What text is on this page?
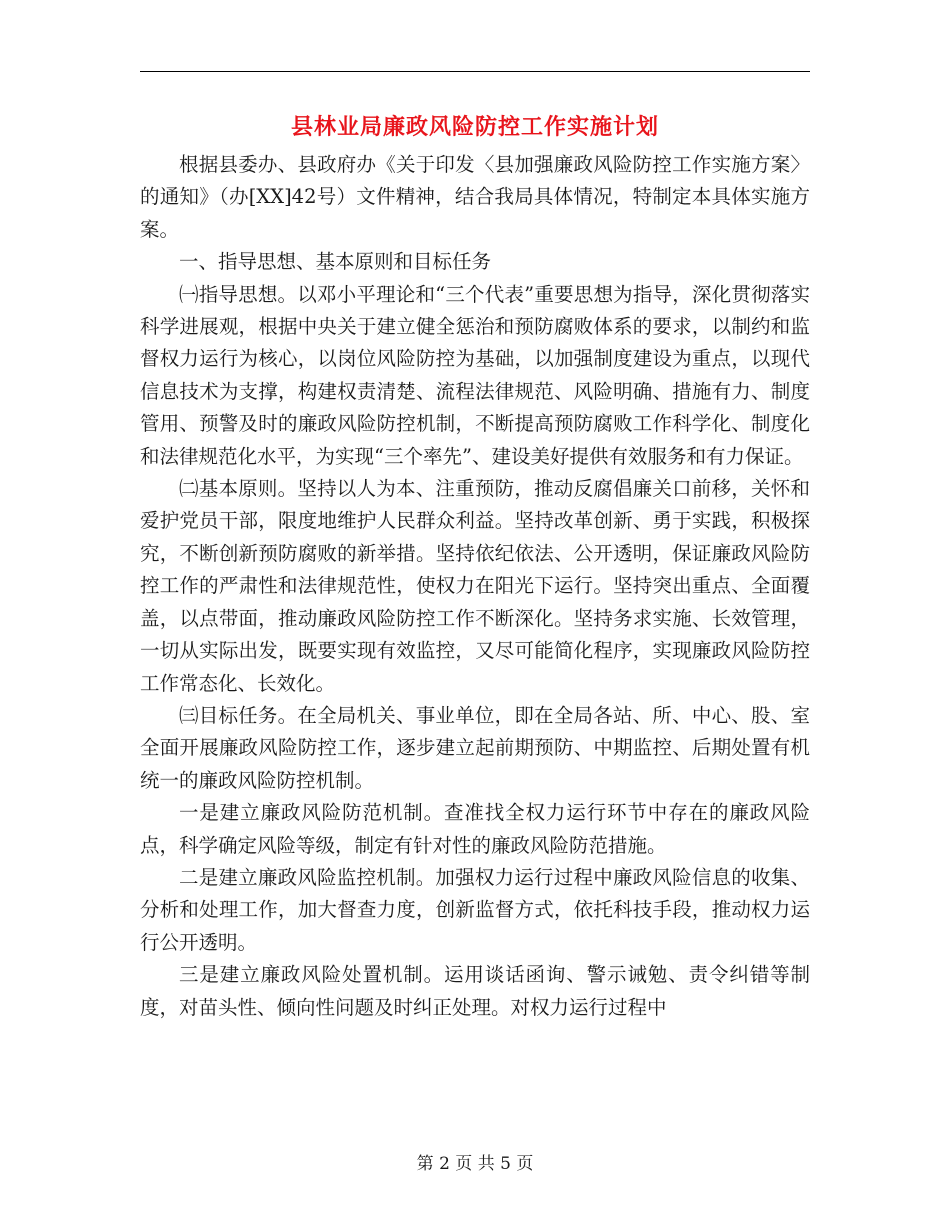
县林业局廉政风险防控工作实施计划

根据县委办、县政府办《关于印发〈县加强廉政风险防控工作实施方案〉的通知》（办[XX]42号）文件精神，结合我局具体情况，特制定本具体实施方案。

一、指导思想、基本原则和目标任务

㈠指导思想。以邓小平理论和“三个代表”重要思想为指导，深化贯彻落实科学进展观，根据中央关于建立健全惩治和预防腐败体系的要求，以制约和监督权力运行为核心，以岗位风险防控为基础，以加强制度建设为重点，以现代信息技术为支撑，构建权责清楚、流程法律规范、风险明确、措施有力、制度管用、预警及时的廉政风险防控机制，不断提高预防腐败工作科学化、制度化和法律规范化水平，为实现“三个率先”、建设美好提供有效服务和有力保证。

㈡基本原则。坚持以人为本、注重预防，推动反腐倡廉关口前移，关怀和爱护党员干部，限度地维护人民群众利益。坚持改革创新、勇于实践，积极探究，不断创新预防腐败的新举措。坚持依纪依法、公开透明，保证廉政风险防控工作的严肃性和法律规范性，使权力在阳光下运行。坚持突出重点、全面覆盖，以点带面，推动廉政风险防控工作不断深化。坚持务求实施、长效管理，一切从实际出发，既要实现有效监控，又尽可能简化程序，实现廉政风险防控工作常态化、长效化。

㈢目标任务。在全局机关、事业单位，即在全局各站、所、中心、股、室全面开展廉政风险防控工作，逐步建立起前期预防、中期监控、后期处置有机统一的廉政风险防控机制。

一是建立廉政风险防范机制。查准找全权力运行环节中存在的廉政风险点，科学确定风险等级，制定有针对性的廉政风险防范措施。

二是建立廉政风险监控机制。加强权力运行过程中廉政风险信息的收集、分析和处理工作，加大督查力度，创新监督方式，依托科技手段，推动权力运行公开透明。

三是建立廉政风险处置机制。运用谈话函询、警示诫勉、责令纠错等制度，对苗头性、倾向性问题及时纠正处理。对权力运行过程中

第 2 页 共 5 页
